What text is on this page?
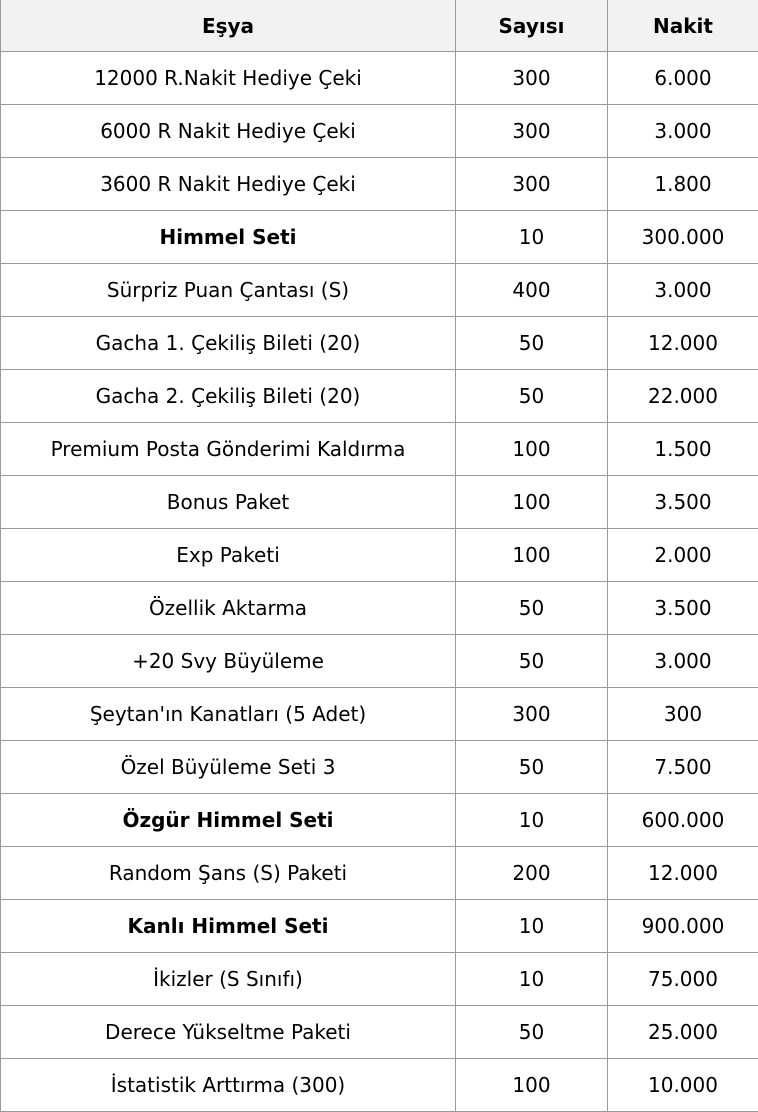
Eşya	Sayısı	Nakit
12000 R.Nakit Hediye Çeki	300	6.000
6000 R Nakit Hediye Çeki	300	3.000
3600 R Nakit Hediye Çeki	300	1.800
Himmel Seti	10	300.000
Sürpriz Puan Çantası (S)	400	3.000
Gacha 1. Çekiliş Bileti (20)	50	12.000
Gacha 2. Çekiliş Bileti (20)	50	22.000
Premium Posta Gönderimi Kaldırma	100	1.500
Bonus Paket	100	3.500
Exp Paketi	100	2.000
Özellik Aktarma	50	3.500
+20 Svy Büyüleme	50	3.000
Şeytan'ın Kanatları (5 Adet)	300	300
Özel Büyüleme Seti 3	50	7.500
Özgür Himmel Seti	10	600.000
Random Şans (S) Paketi	200	12.000
Kanlı Himmel Seti	10	900.000
İkizler (S Sınıfı)	10	75.000
Derece Yükseltme Paketi	50	25.000
İstatistik Arttırma (300)	100	10.000
